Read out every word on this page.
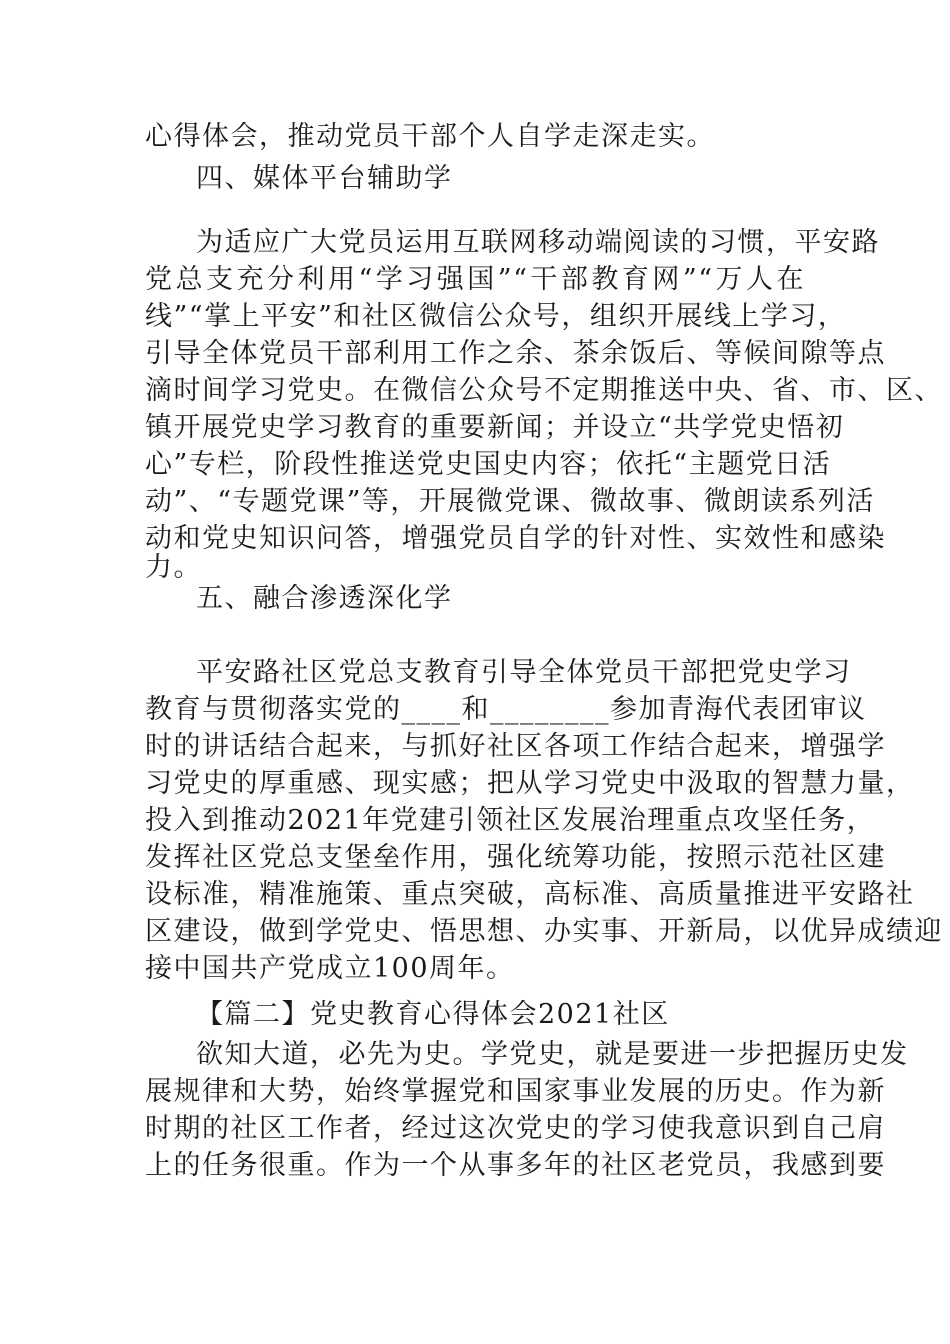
心得体会，推动党员干部个人自学走深走实。
四、媒体平台辅助学
为适应广大党员运用互联网移动端阅读的习惯，平安路
党总支充分利用“学习强国”“干部教育网”“万人在
线”“掌上平安”和社区微信公众号，组织开展线上学习，
引导全体党员干部利用工作之余、茶余饭后、等候间隙等点
滴时间学习党史。在微信公众号不定期推送中央、省、市、区、
镇开展党史学习教育的重要新闻；并设立“共学党史悟初
心”专栏，阶段性推送党史国史内容；依托“主题党日活
动”、“专题党课”等，开展微党课、微故事、微朗读系列活
动和党史知识问答，增强党员自学的针对性、实效性和感染
力。
五、融合渗透深化学
平安路社区党总支教育引导全体党员干部把党史学习
教育与贯彻落实党的____和________参加青海代表团审议
时的讲话结合起来，与抓好社区各项工作结合起来，增强学
习党史的厚重感、现实感；把从学习党史中汲取的智慧力量，
投入到推动2021年党建引领社区发展治理重点攻坚任务，
发挥社区党总支堡垒作用，强化统筹功能，按照示范社区建
设标准，精准施策、重点突破，高标准、高质量推进平安路社
区建设，做到学党史、悟思想、办实事、开新局，以优异成绩迎
接中国共产党成立100周年。
【篇二】党史教育心得体会2021社区
欲知大道，必先为史。学党史，就是要进一步把握历史发
展规律和大势，始终掌握党和国家事业发展的历史。作为新
时期的社区工作者，经过这次党史的学习使我意识到自己肩
上的任务很重。作为一个从事多年的社区老党员，我感到要
